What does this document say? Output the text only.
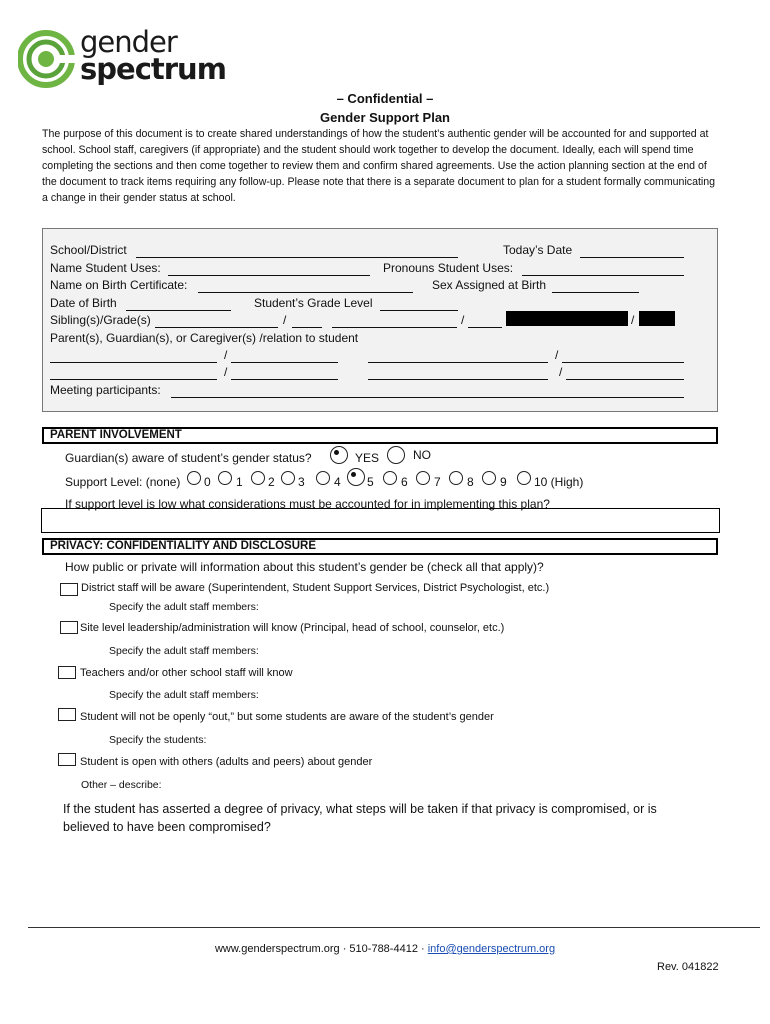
gender
spectrum
– Confidential –
Gender Support Plan
The purpose of this document is to create shared understandings of how the student’s authentic gender will be accounted for and supported at school. School staff, caregivers (if appropriate) and the student should work together to develop the document. Ideally, each will spend time completing the sections and then come together to review them and confirm shared agreements. Use the action planning section at the end of the document to track items requiring any follow-up. Please note that there is a separate document to plan for a student formally communicating a change in their gender status at school.
School/District	Today’s Date
Name Student Uses:	Pronouns Student Uses:
Name on Birth Certificate:	Sex Assigned at Birth
Date of Birth	Student’s Grade Level
Sibling(s)/Grade(s)	/	/	/
Parent(s), Guardian(s), or Caregiver(s) /relation to student
/	/
/	/
Meeting participants:
PARENT INVOLVEMENT
Guardian(s) aware of student’s gender status?	YES	NO
Support Level: (none) 0 1 2 3 4 5 6 7 8 9 10 (High)
If support level is low what considerations must be accounted for in implementing this plan?
PRIVACY: CONFIDENTIALITY AND DISCLOSURE
How public or private will information about this student’s gender be (check all that apply)?
District staff will be aware (Superintendent, Student Support Services, District Psychologist, etc.)
Specify the adult staff members:
Site level leadership/administration will know (Principal, head of school, counselor, etc.)
Specify the adult staff members:
Teachers and/or other school staff will know
Specify the adult staff members:
Student will not be openly “out,” but some students are aware of the student’s gender
Specify the students:
Student is open with others (adults and peers) about gender
Other – describe:
If the student has asserted a degree of privacy, what steps will be taken if that privacy is compromised, or is believed to have been compromised?
www.genderspectrum.org · 510-788-4412 · info@genderspectrum.org
Rev. 041822
